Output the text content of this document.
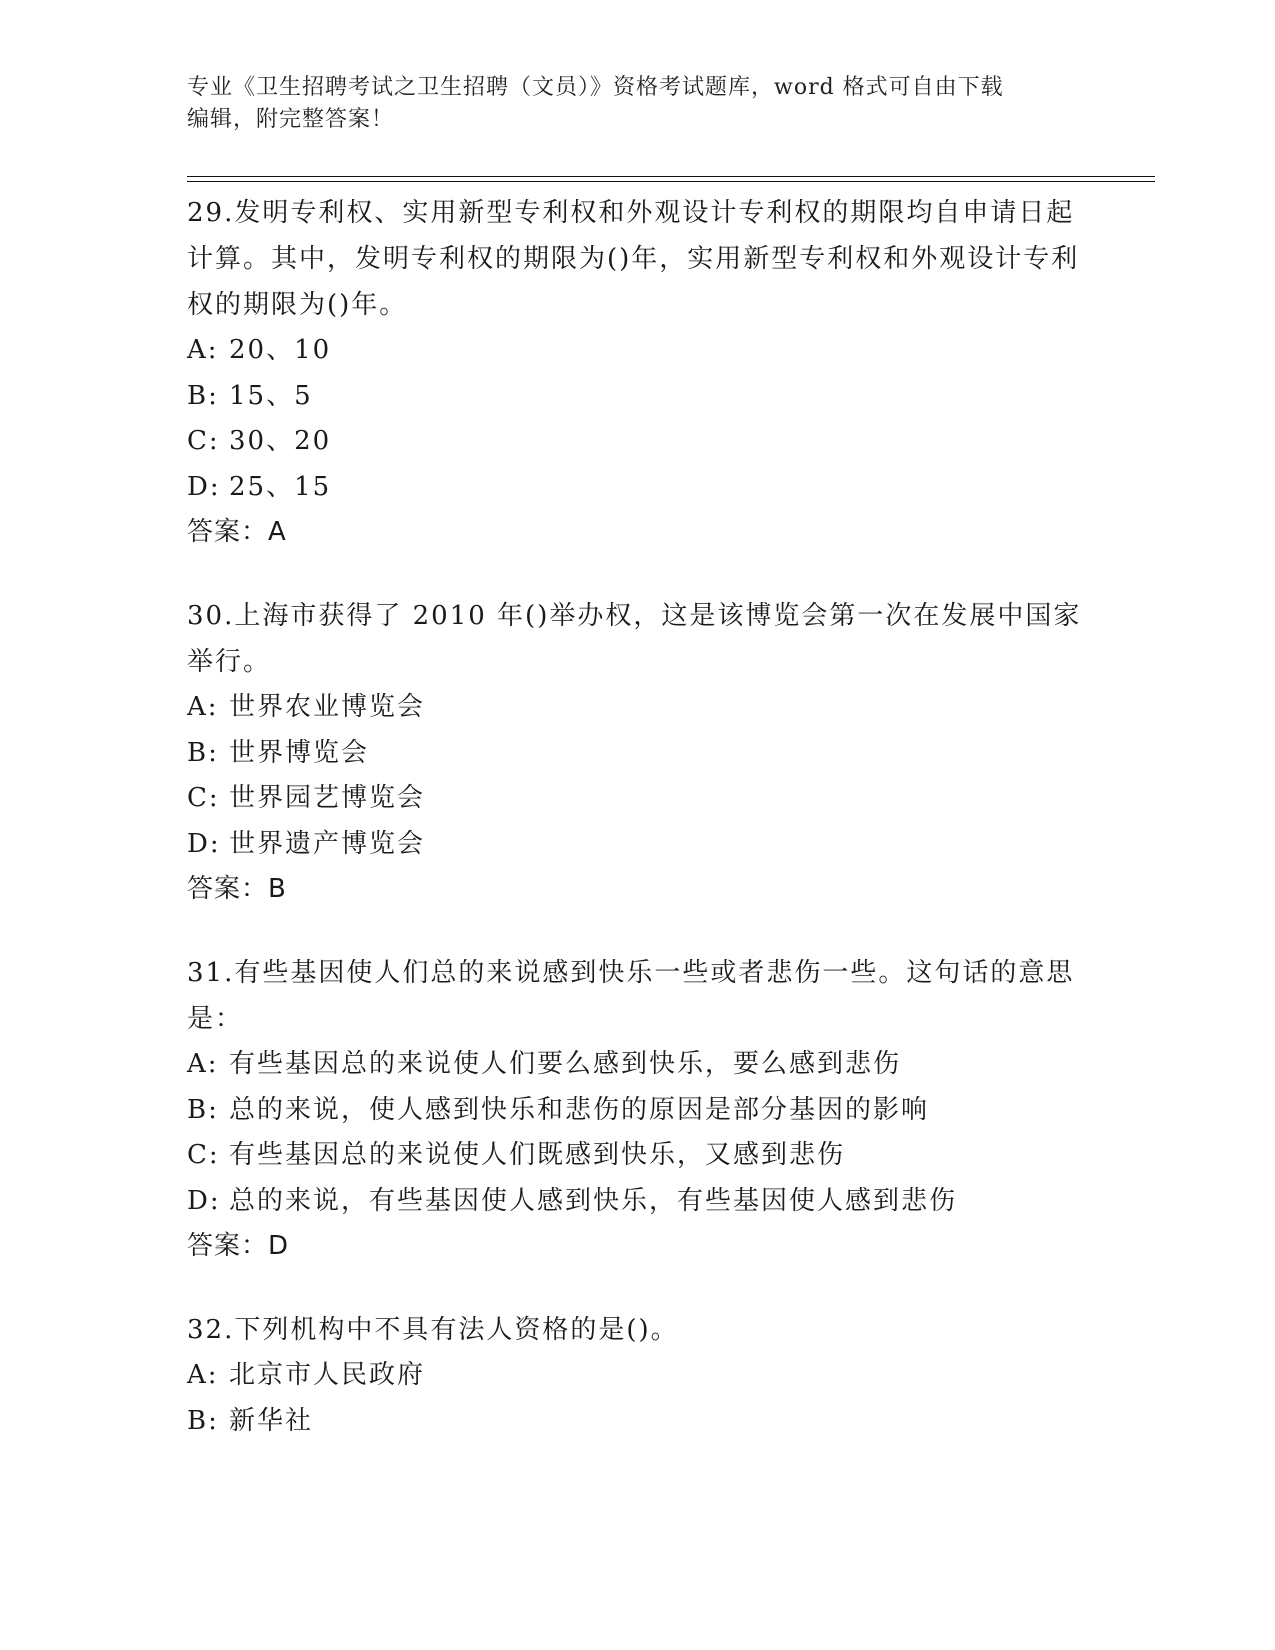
专业《卫生招聘考试之卫生招聘（文员）》资格考试题库，word 格式可自由下载
编辑，附完整答案！

29.发明专利权、实用新型专利权和外观设计专利权的期限均自申请日起计算。其中，发明专利权的期限为()年，实用新型专利权和外观设计专利权的期限为()年。

A: 20、10

B: 15、5

C: 30、20

D: 25、15

答案：A

30.上海市获得了 2010 年()举办权，这是该博览会第一次在发展中国家举行。

A: 世界农业博览会

B: 世界博览会

C: 世界园艺博览会

D: 世界遗产博览会

答案：B

31.有些基因使人们总的来说感到快乐一些或者悲伤一些。这句话的意思是：

A: 有些基因总的来说使人们要么感到快乐，要么感到悲伤

B: 总的来说，使人感到快乐和悲伤的原因是部分基因的影响

C: 有些基因总的来说使人们既感到快乐，又感到悲伤

D: 总的来说，有些基因使人感到快乐，有些基因使人感到悲伤

答案：D

32.下列机构中不具有法人资格的是()。

A: 北京市人民政府

B: 新华社
